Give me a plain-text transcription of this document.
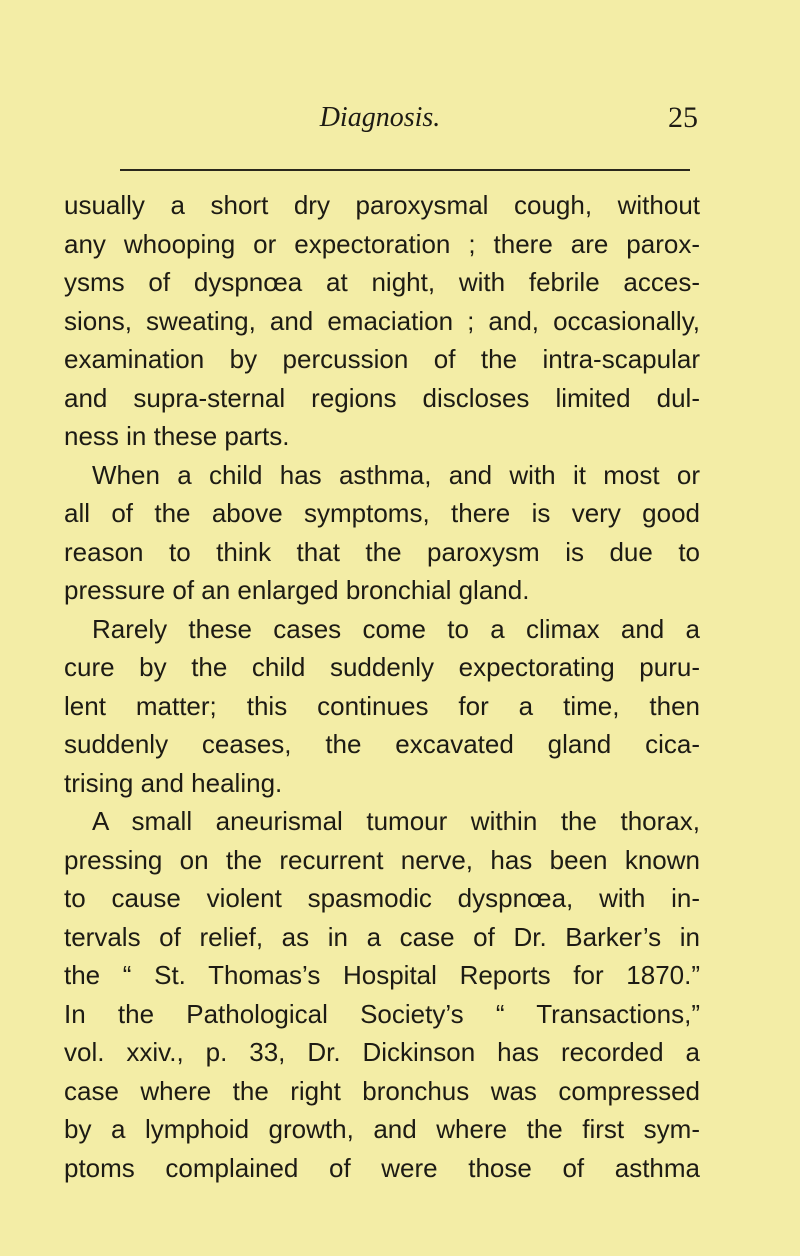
Diagnosis.	25
usually a short dry paroxysmal cough, without
any whooping or expectoration ; there are parox-
ysms of dyspnœa at night, with febrile acces-
sions, sweating, and emaciation ; and, occasionally,
examination by percussion of the intra-scapular
and supra-sternal regions discloses limited dul-
ness in these parts.
When a child has asthma, and with it most or
all of the above symptoms, there is very good
reason to think that the paroxysm is due to
pressure of an enlarged bronchial gland.
Rarely these cases come to a climax and a
cure by the child suddenly expectorating puru-
lent matter; this continues for a time, then
suddenly ceases, the excavated gland cica-
trising and healing.
A small aneurismal tumour within the thorax,
pressing on the recurrent nerve, has been known
to cause violent spasmodic dyspnœa, with in-
tervals of relief, as in a case of Dr. Barker’s in
the “ St. Thomas’s Hospital Reports for 1870.”
In the Pathological Society’s “ Transactions,”
vol. xxiv., p. 33, Dr. Dickinson has recorded a
case where the right bronchus was compressed
by a lymphoid growth, and where the first sym-
ptoms complained of were those of asthma
